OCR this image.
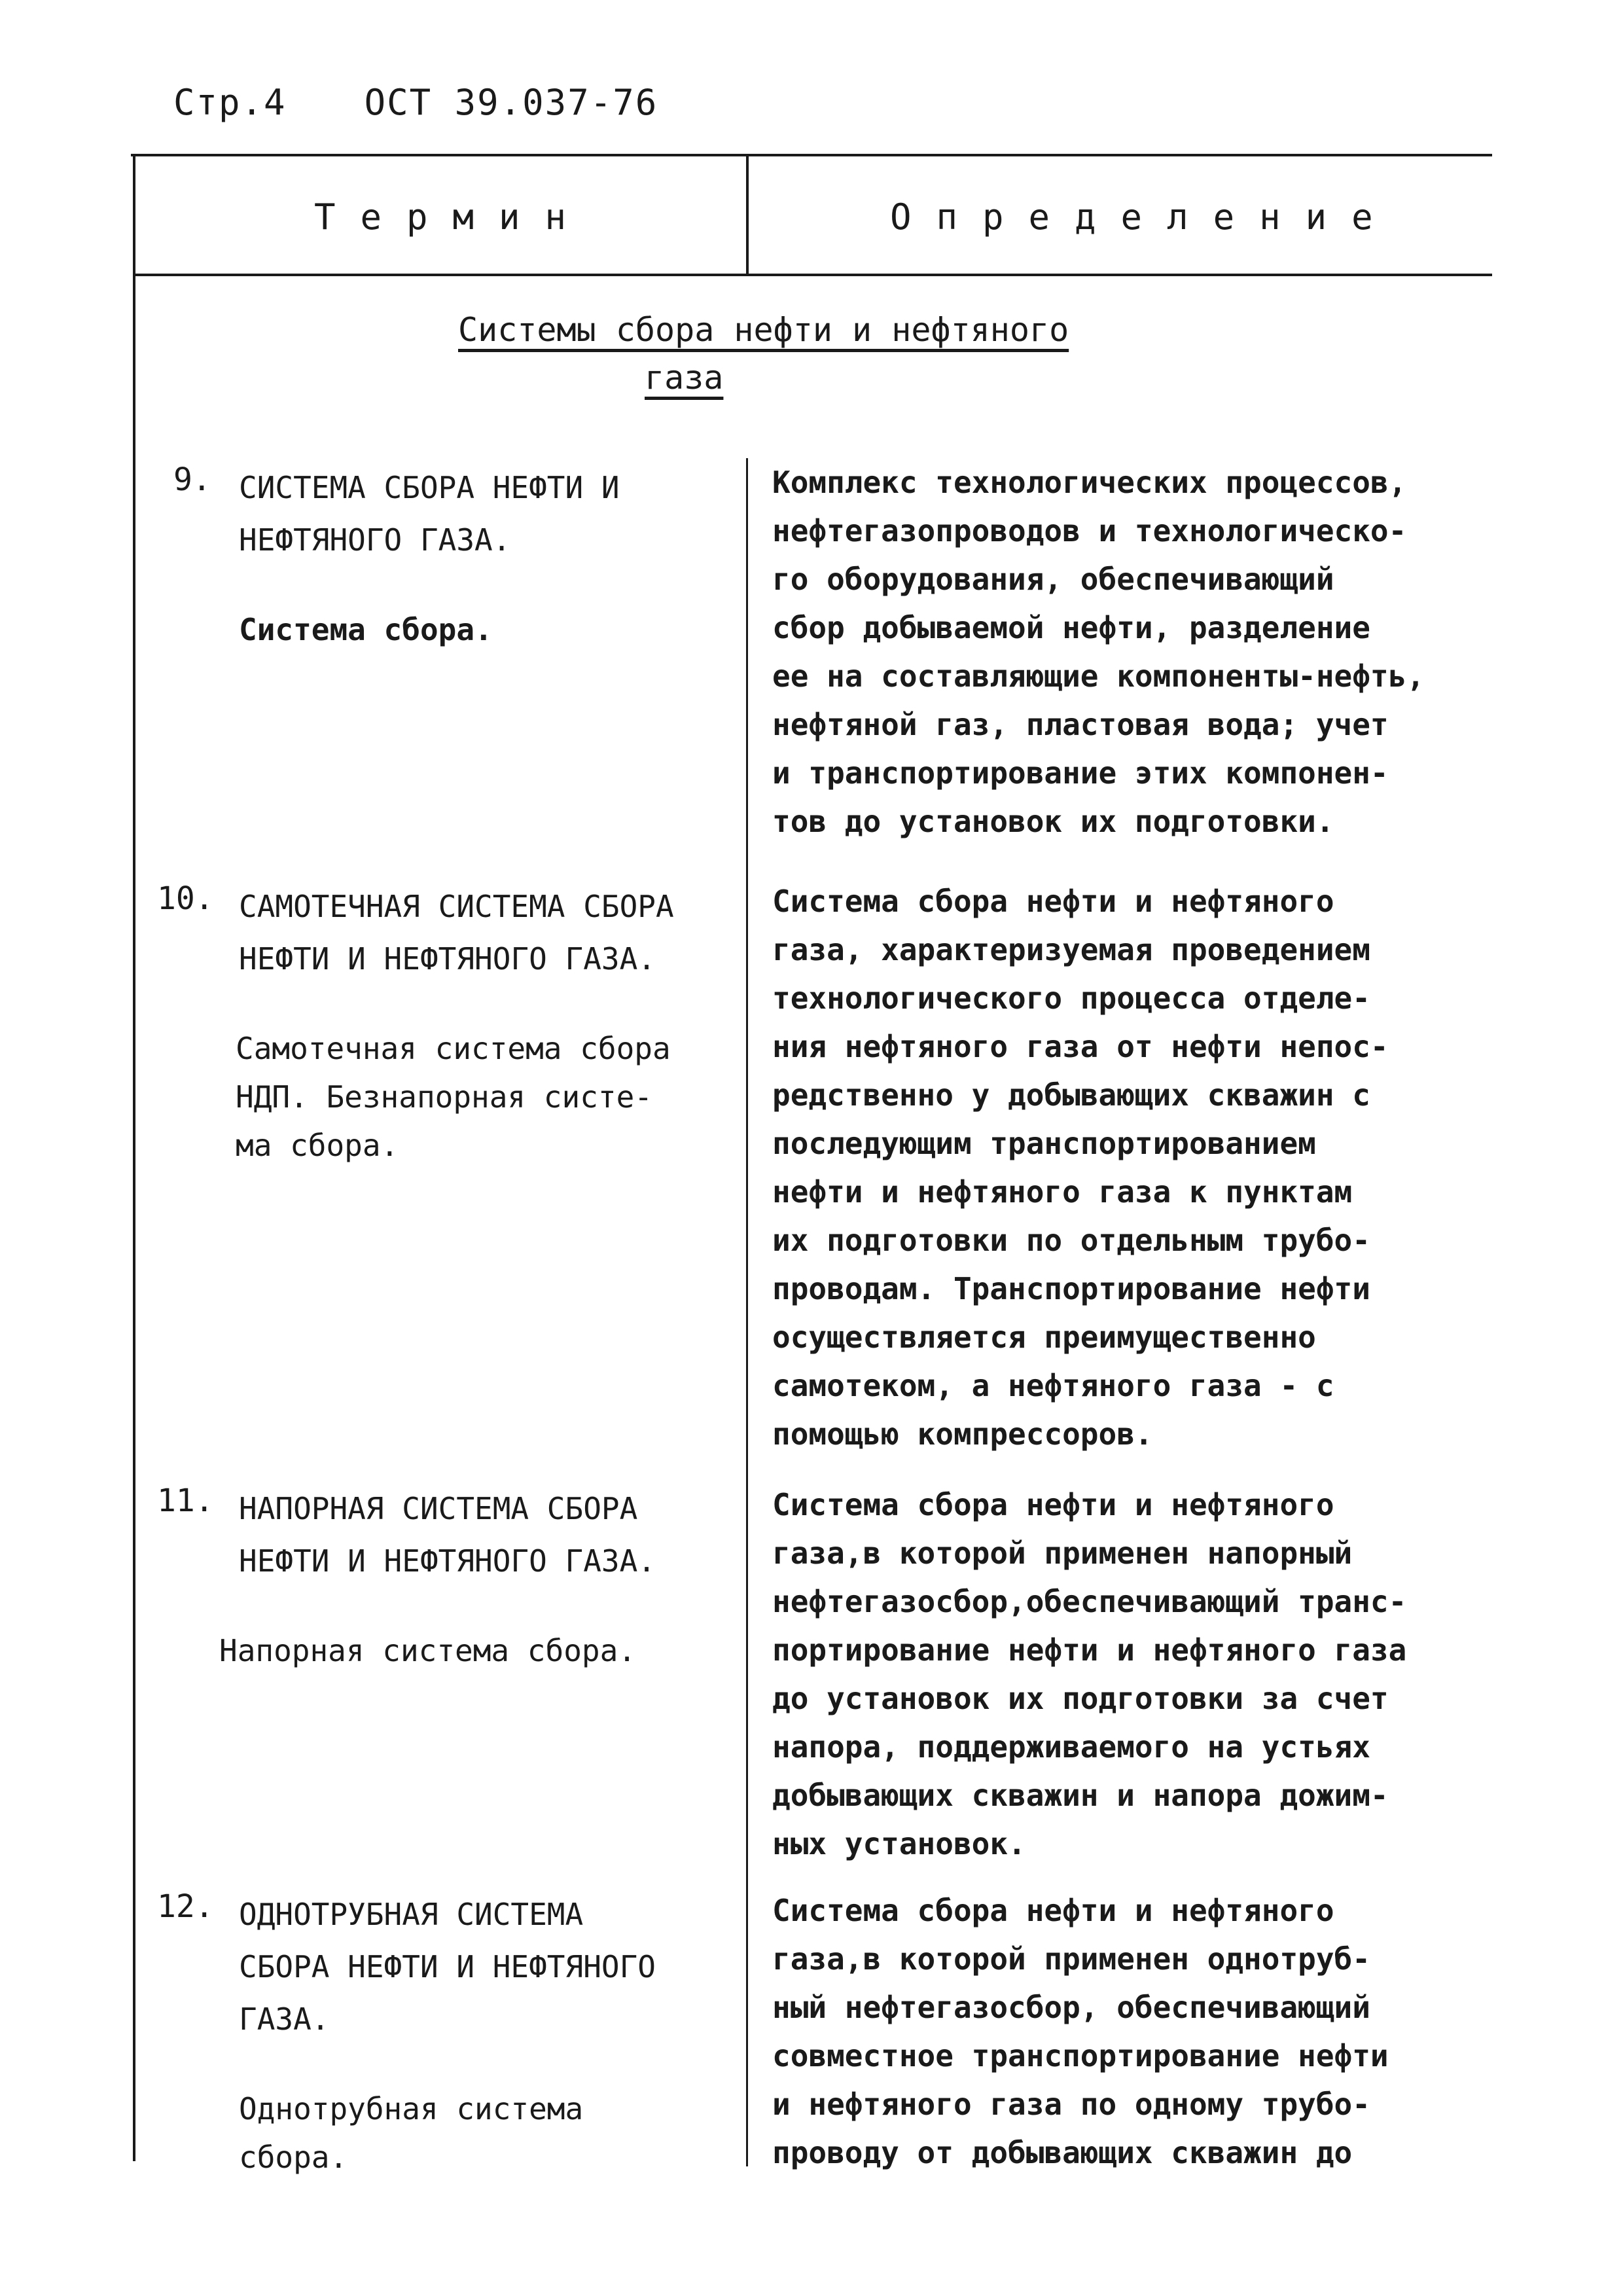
Стр.4 ОСТ 39.037-76
Термин	Определение
Системы сбора нефти и нефтяного
газа
9. СИСТЕМА СБОРА НЕФТИ И
НЕФТЯНОГО ГАЗА.
Система сбора.
Комплекс технологических процессов,
нефтегазопроводов и технологическо-
го оборудования, обеспечивающий
сбор добываемой нефти, разделение
ее на составляющие компоненты-нефть,
нефтяной газ, пластовая вода; учет
и транспортирование этих компонен-
тов до установок их подготовки.
10. САМОТЕЧНАЯ СИСТЕМА СБОРА
НЕФТИ И НЕФТЯНОГО ГАЗА.
Самотечная система сбора
НДП. Безнапорная систе-
ма сбора.
Система сбора нефти и нефтяного
газа, характеризуемая проведением
технологического процесса отделе-
ния нефтяного газа от нефти непос-
редственно у добывающих скважин с
последующим транспортированием
нефти и нефтяного газа к пунктам
их подготовки по отдельным трубо-
проводам. Транспортирование нефти
осуществляется преимущественно
самотеком, а нефтяного газа - с
помощью компрессоров.
11. НАПОРНАЯ СИСТЕМА СБОРА
НЕФТИ И НЕФТЯНОГО ГАЗА.
Напорная система сбора.
Система сбора нефти и нефтяного
газа,в которой применен напорный
нефтегазосбор,обеспечивающий транс-
портирование нефти и нефтяного газа
до установок их подготовки за счет
напора, поддерживаемого на устьях
добывающих скважин и напора дожим-
ных установок.
12. ОДНОТРУБНАЯ СИСТЕМА
СБОРА НЕФТИ И НЕФТЯНОГО
ГАЗА.
Однотрубная система
сбора.
Система сбора нефти и нефтяного
газа,в которой применен однотруб-
ный нефтегазосбор, обеспечивающий
совместное транспортирование нефти
и нефтяного газа по одному трубо-
проводу от добывающих скважин до
